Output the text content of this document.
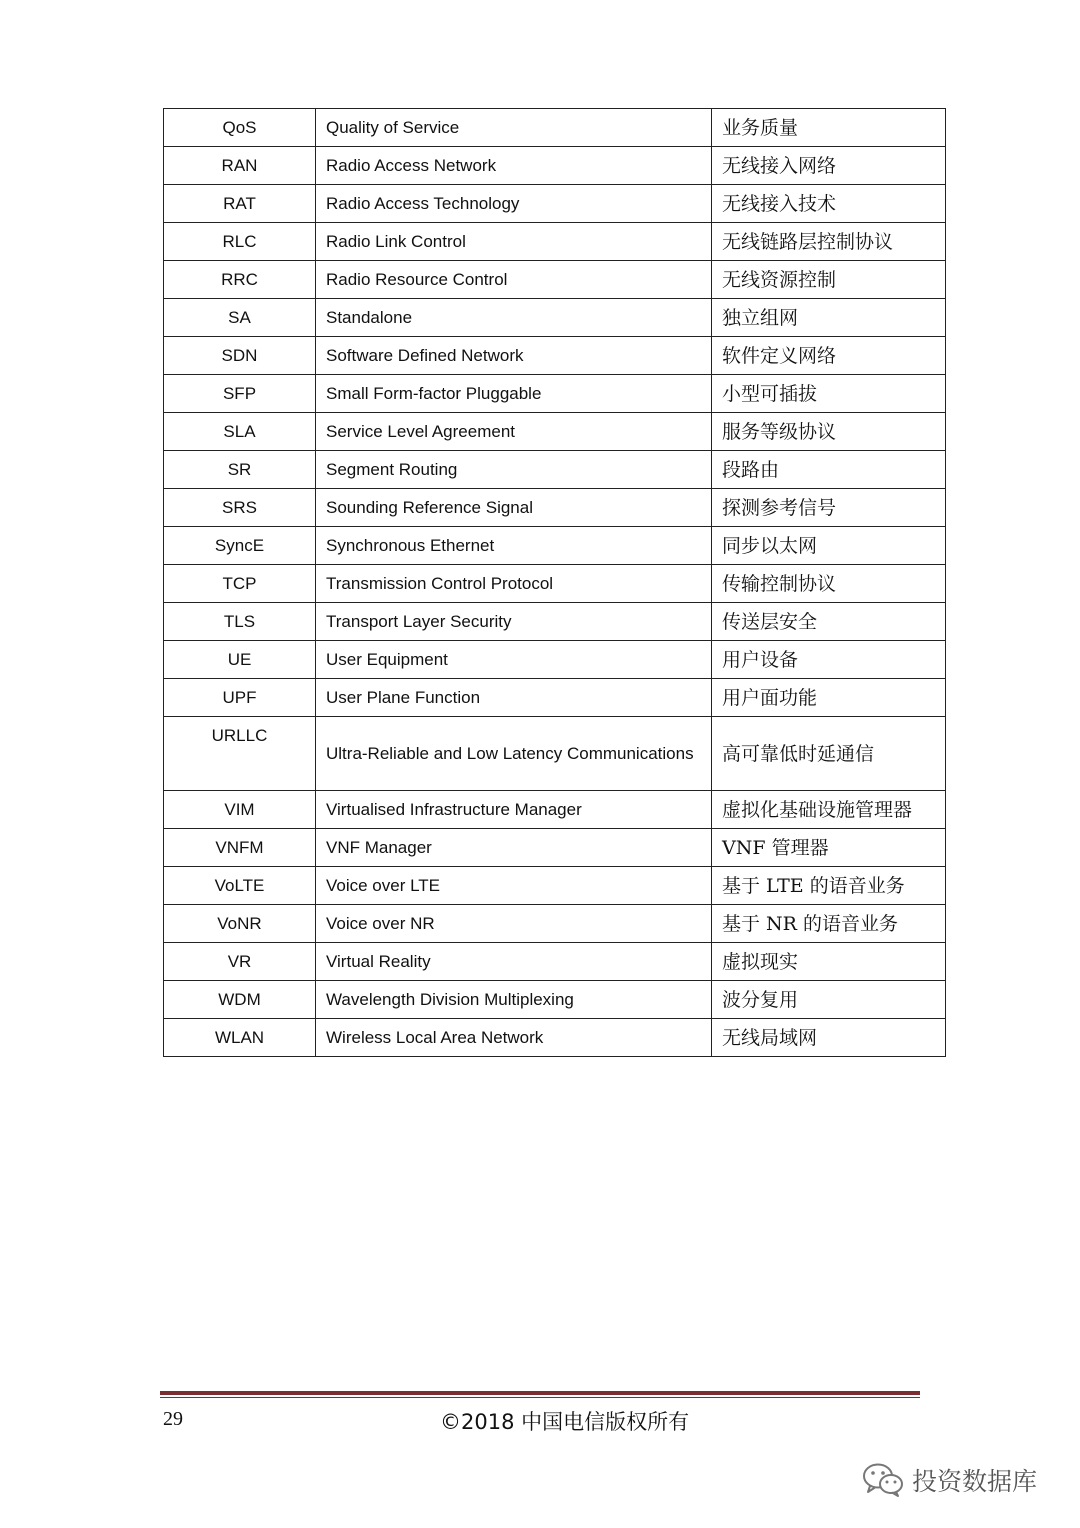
QoS	Quality of Service	业务质量
RAN	Radio Access Network	无线接入网络
RAT	Radio Access Technology	无线接入技术
RLC	Radio Link Control	无线链路层控制协议
RRC	Radio Resource Control	无线资源控制
SA	Standalone	独立组网
SDN	Software Defined Network	软件定义网络
SFP	Small Form-factor Pluggable	小型可插拔
SLA	Service Level Agreement	服务等级协议
SR	Segment Routing	段路由
SRS	Sounding Reference Signal	探测参考信号
SyncE	Synchronous Ethernet	同步以太网
TCP	Transmission Control Protocol	传输控制协议
TLS	Transport Layer Security	传送层安全
UE	User Equipment	用户设备
UPF	User Plane Function	用户面功能
URLLC	Ultra-Reliable and Low Latency Communications	高可靠低时延通信
VIM	Virtualised Infrastructure Manager	虚拟化基础设施管理器
VNFM	VNF Manager	VNF 管理器
VoLTE	Voice over LTE	基于 LTE 的语音业务
VoNR	Voice over NR	基于 NR 的语音业务
VR	Virtual Reality	虚拟现实
WDM	Wavelength Division Multiplexing	波分复用
WLAN	Wireless Local Area Network	无线局域网
29	©2018 中国电信版权所有
投资数据库
